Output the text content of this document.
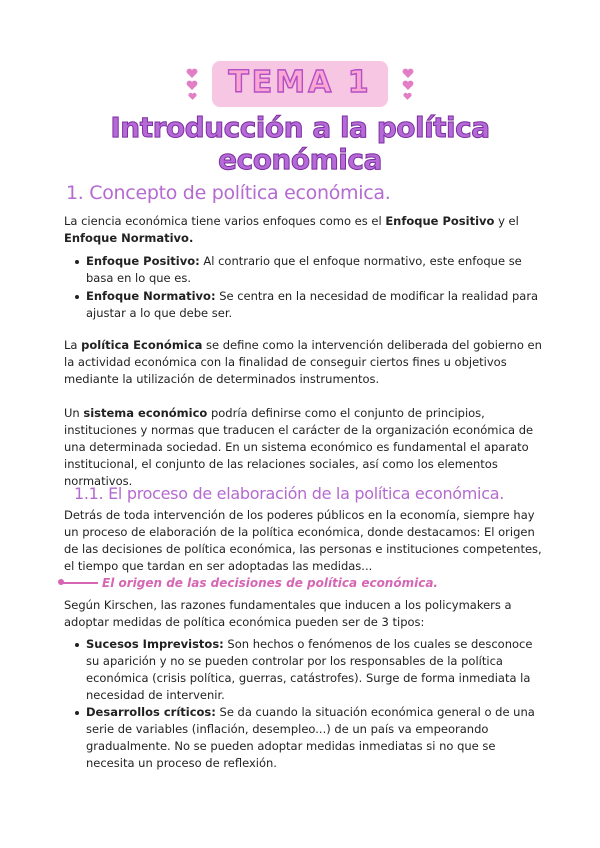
TEMA 1
Introducción a la política
económica
1. Concepto de política económica.
La ciencia económica tiene varios enfoques como es el Enfoque Positivo y el Enfoque Normativo.
Enfoque Positivo: Al contrario que el enfoque normativo, este enfoque se basa en lo que es.
Enfoque Normativo: Se centra en la necesidad de modificar la realidad para ajustar a lo que debe ser.
La política Económica se define como la intervención deliberada del gobierno en la actividad económica con la finalidad de conseguir ciertos fines u objetivos mediante la utilización de determinados instrumentos.
Un sistema económico podría definirse como el conjunto de principios, instituciones y normas que traducen el carácter de la organización económica de una determinada sociedad. En un sistema económico es fundamental el aparato institucional, el conjunto de las relaciones sociales, así como los elementos normativos.
1.1. El proceso de elaboración de la política económica.
Detrás de toda intervención de los poderes públicos en la economía, siempre hay un proceso de elaboración de la política económica, donde destacamos: El origen de las decisiones de política económica, las personas e instituciones competentes, el tiempo que tardan en ser adoptadas las medidas...
El origen de las decisiones de política económica.
Según Kirschen, las razones fundamentales que inducen a los policymakers a adoptar medidas de política económica pueden ser de 3 tipos:
Sucesos Imprevistos: Son hechos o fenómenos de los cuales se desconoce su aparición y no se pueden controlar por los responsables de la política económica (crisis política, guerras, catástrofes). Surge de forma inmediata la necesidad de intervenir.
Desarrollos críticos: Se da cuando la situación económica general o de una serie de variables (inflación, desempleo...) de un país va empeorando gradualmente. No se pueden adoptar medidas inmediatas si no que se necesita un proceso de reflexión.
